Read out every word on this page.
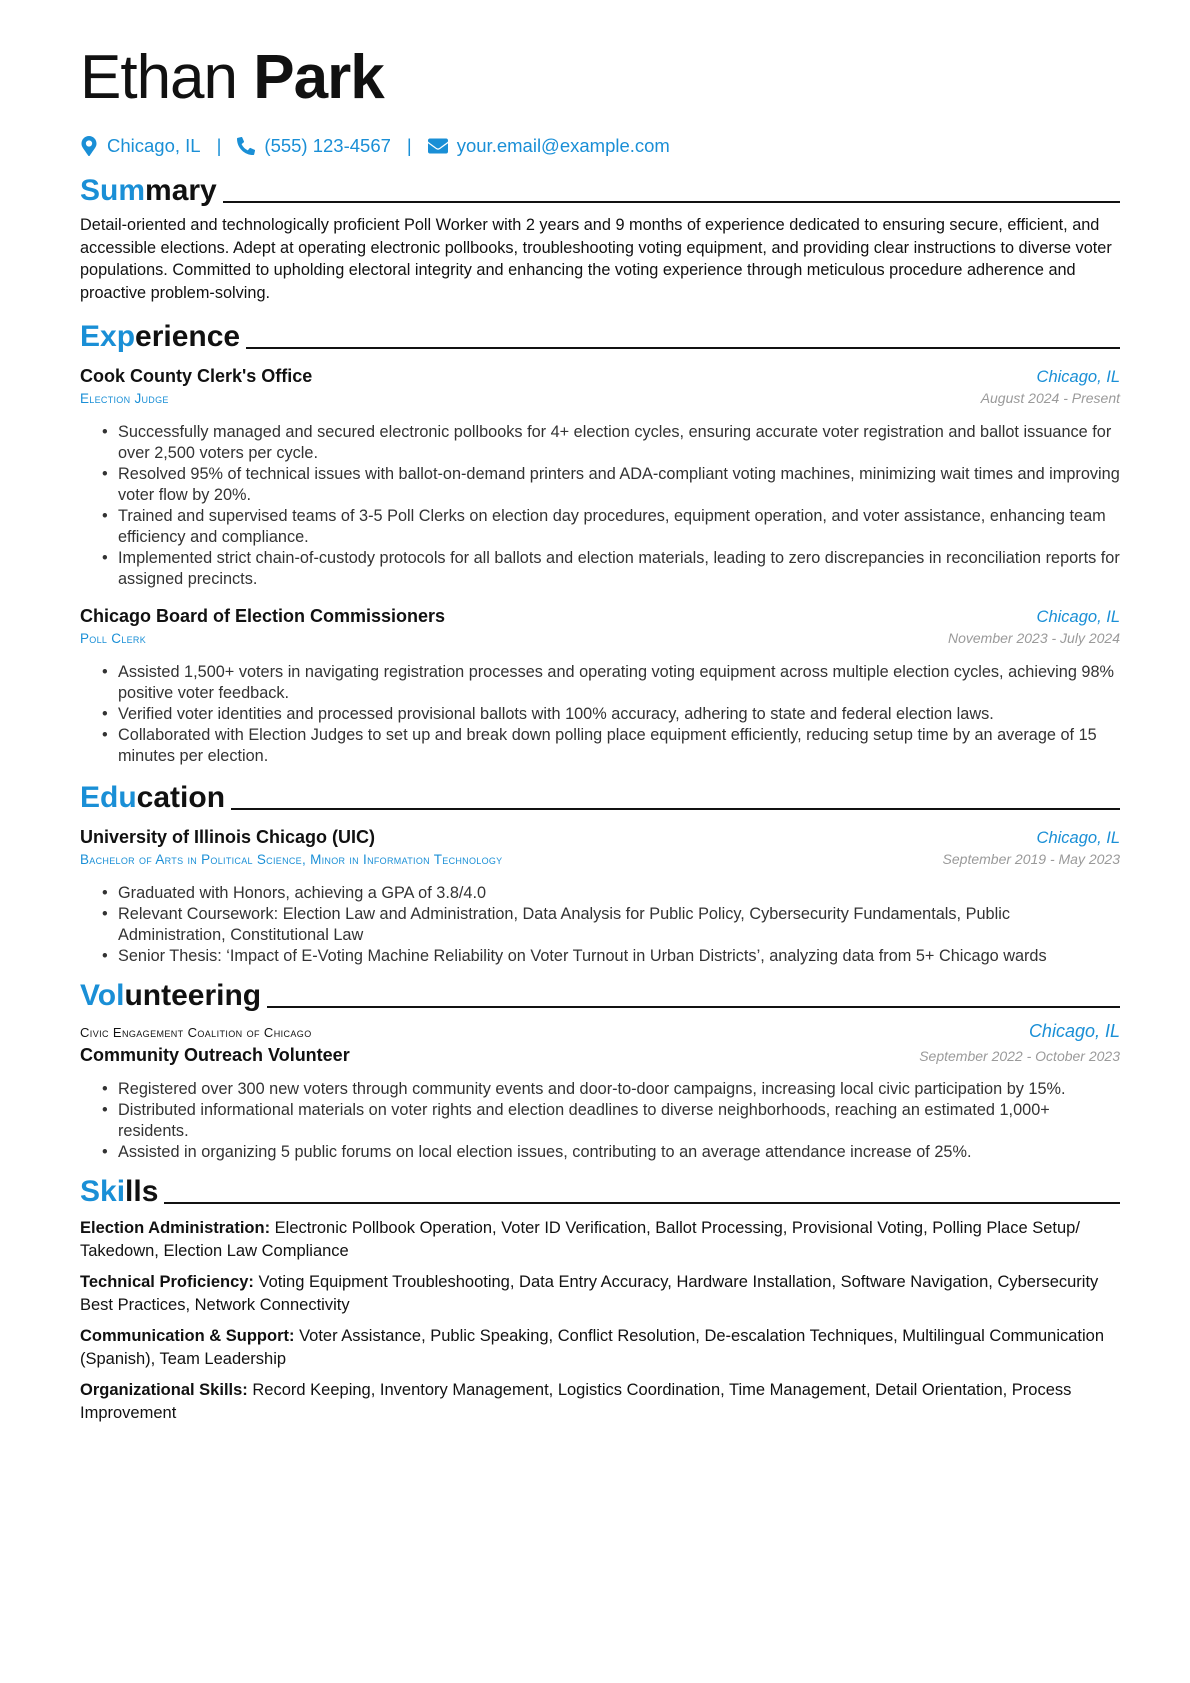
Ethan Park
Chicago, IL | (555) 123-4567 | your.email@example.com
Summary

Detail-oriented and technologically proficient Poll Worker with 2 years and 9 months of experience dedicated to ensuring secure, efficient, and accessible elections. Adept at operating electronic pollbooks, troubleshooting voting equipment, and providing clear instructions to diverse voter populations. Committed to upholding electoral integrity and enhancing the voting experience through meticulous procedure adherence and proactive problem-solving.

Experience
Cook County Clerk's Office	Chicago, IL
Election Judge	August 2024 - Present
• Successfully managed and secured electronic pollbooks for 4+ election cycles, ensuring accurate voter registration and ballot issuance for over 2,500 voters per cycle.
• Resolved 95% of technical issues with ballot-on-demand printers and ADA-compliant voting machines, minimizing wait times and improving voter flow by 20%.
• Trained and supervised teams of 3-5 Poll Clerks on election day procedures, equipment operation, and voter assistance, enhancing team efficiency and compliance.
• Implemented strict chain-of-custody protocols for all ballots and election materials, leading to zero discrepancies in reconciliation reports for assigned precincts.
Chicago Board of Election Commissioners	Chicago, IL
Poll Clerk	November 2023 - July 2024
• Assisted 1,500+ voters in navigating registration processes and operating voting equipment across multiple election cycles, achieving 98% positive voter feedback.
• Verified voter identities and processed provisional ballots with 100% accuracy, adhering to state and federal election laws.
• Collaborated with Election Judges to set up and break down polling place equipment efficiently, reducing setup time by an average of 15 minutes per election.
Education
University of Illinois Chicago (UIC)	Chicago, IL
Bachelor of Arts in Political Science, Minor in Information Technology	September 2019 - May 2023
• Graduated with Honors, achieving a GPA of 3.8/4.0
• Relevant Coursework: Election Law and Administration, Data Analysis for Public Policy, Cybersecurity Fundamentals, Public Administration, Constitutional Law
• Senior Thesis: ‘Impact of E-Voting Machine Reliability on Voter Turnout in Urban Districts’, analyzing data from 5+ Chicago wards
Volunteering
Civic Engagement Coalition of Chicago	Chicago, IL
Community Outreach Volunteer	September 2022 - October 2023
• Registered over 300 new voters through community events and door-to-door campaigns, increasing local civic participation by 15%.
• Distributed informational materials on voter rights and election deadlines to diverse neighborhoods, reaching an estimated 1,000+ residents.
• Assisted in organizing 5 public forums on local election issues, contributing to an average attendance increase of 25%.
Skills
Election Administration: Electronic Pollbook Operation, Voter ID Verification, Ballot Processing, Provisional Voting, Polling Place Setup/ Takedown, Election Law Compliance
Technical Proficiency: Voting Equipment Troubleshooting, Data Entry Accuracy, Hardware Installation, Software Navigation, Cybersecurity Best Practices, Network Connectivity
Communication & Support: Voter Assistance, Public Speaking, Conflict Resolution, De-escalation Techniques, Multilingual Communication (Spanish), Team Leadership
Organizational Skills: Record Keeping, Inventory Management, Logistics Coordination, Time Management, Detail Orientation, Process Improvement
